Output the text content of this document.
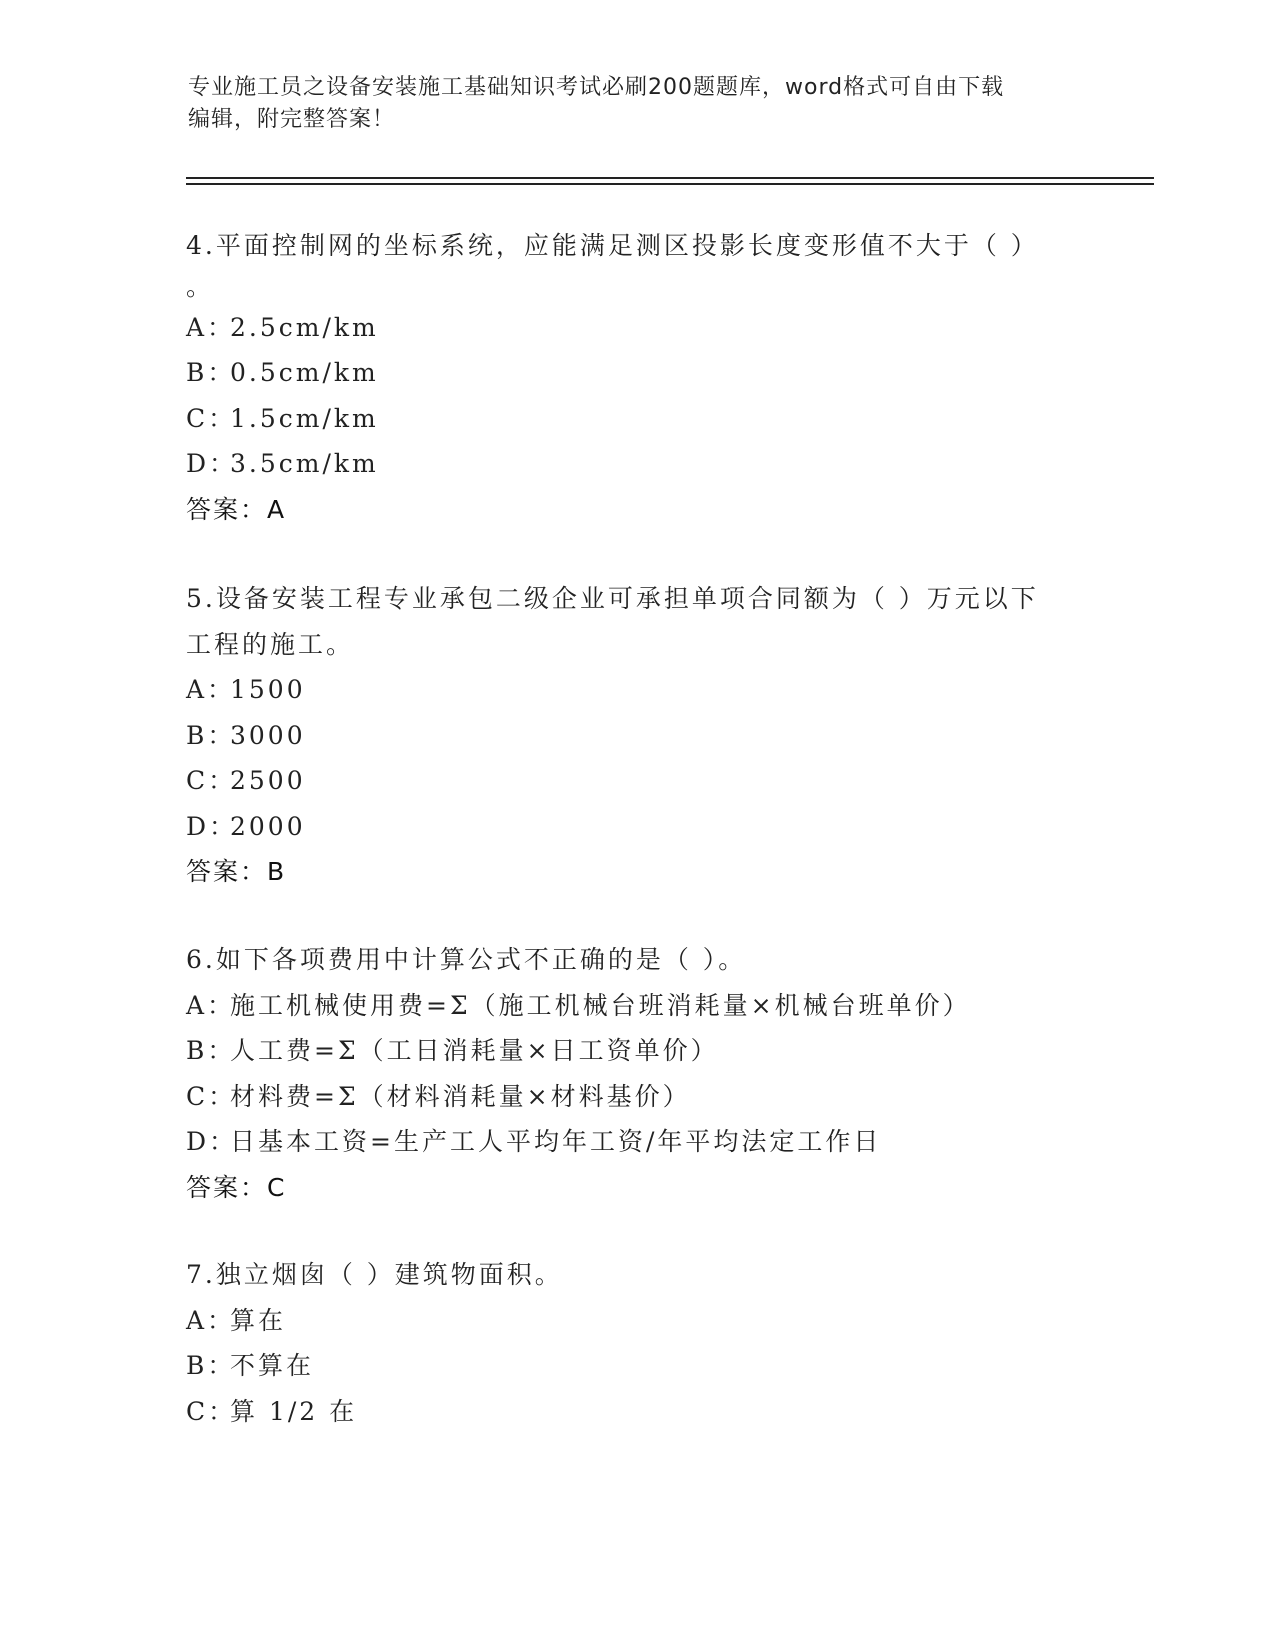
专业施工员之设备安装施工基础知识考试必刷200题题库，word格式可自由下载
编辑，附完整答案！
4.平面控制网的坐标系统，应能满足测区投影长度变形值不大于（ ）
。
A：2.5cm/km
B：0.5cm/km
C：1.5cm/km
D：3.5cm/km
答案：A
5.设备安装工程专业承包二级企业可承担单项合同额为（ ）万元以下
工程的施工。
A：1500
B：3000
C：2500
D：2000
答案：B
6.如下各项费用中计算公式不正确的是（ ）。
A：施工机械使用费=Σ（施工机械台班消耗量×机械台班单价）
B：人工费=Σ（工日消耗量×日工资单价）
C：材料费=Σ（材料消耗量×材料基价）
D：日基本工资=生产工人平均年工资/年平均法定工作日
答案：C
7.独立烟囱（ ）建筑物面积。
A：算在
B：不算在
C：算 1/2 在
